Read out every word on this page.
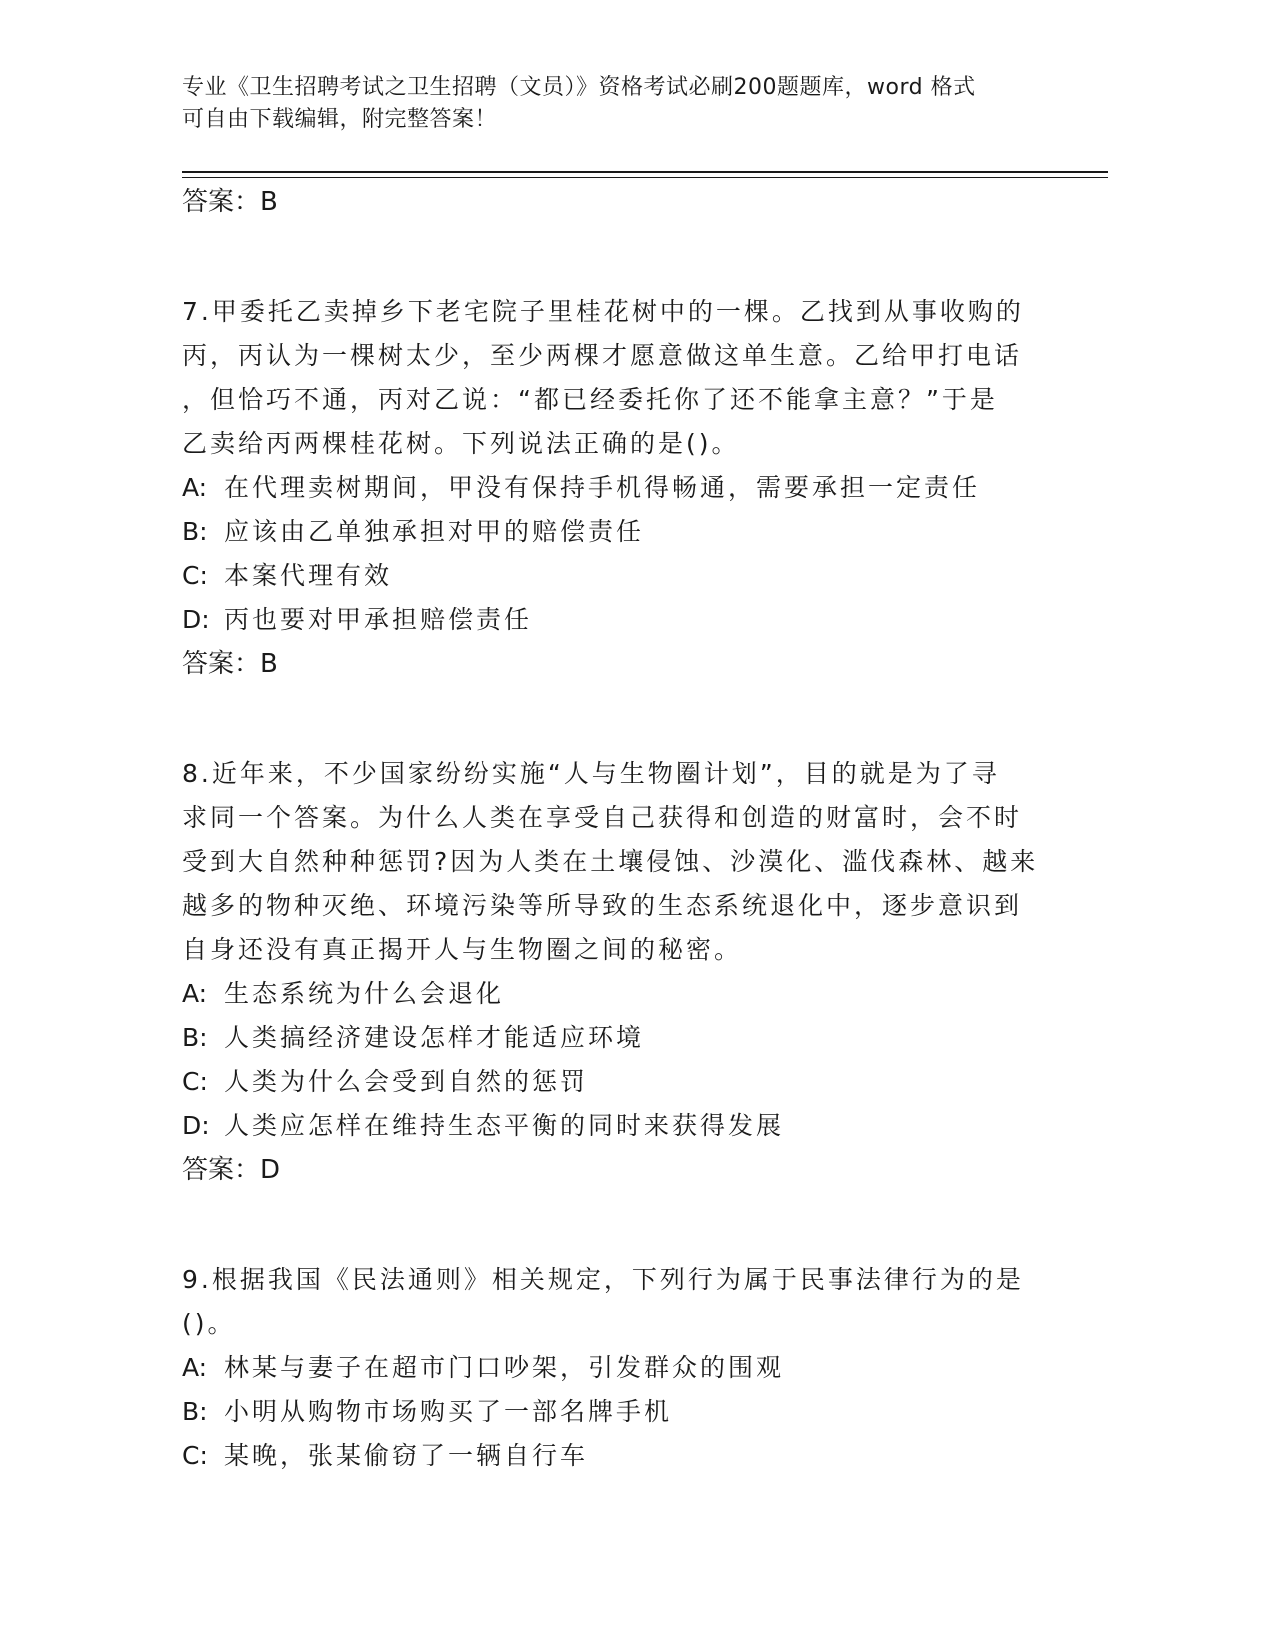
专业《卫生招聘考试之卫生招聘（文员）》资格考试必刷200题题库，word 格式
可自由下载编辑，附完整答案！
答案：B
7.甲委托乙卖掉乡下老宅院子里桂花树中的一棵。乙找到从事收购的
丙，丙认为一棵树太少，至少两棵才愿意做这单生意。乙给甲打电话
，但恰巧不通，丙对乙说：“都已经委托你了还不能拿主意？”于是
乙卖给丙两棵桂花树。下列说法正确的是()。
A: 在代理卖树期间，甲没有保持手机得畅通，需要承担一定责任
B: 应该由乙单独承担对甲的赔偿责任
C: 本案代理有效
D: 丙也要对甲承担赔偿责任
答案：B
8.近年来，不少国家纷纷实施“人与生物圈计划”，目的就是为了寻
求同一个答案。为什么人类在享受自己获得和创造的财富时，会不时
受到大自然种种惩罚?因为人类在土壤侵蚀、沙漠化、滥伐森林、越来
越多的物种灭绝、环境污染等所导致的生态系统退化中，逐步意识到
自身还没有真正揭开人与生物圈之间的秘密。
A: 生态系统为什么会退化
B: 人类搞经济建设怎样才能适应环境
C: 人类为什么会受到自然的惩罚
D: 人类应怎样在维持生态平衡的同时来获得发展
答案：D
9.根据我国《民法通则》相关规定，下列行为属于民事法律行为的是
()。
A: 林某与妻子在超市门口吵架，引发群众的围观
B: 小明从购物市场购买了一部名牌手机
C: 某晚，张某偷窃了一辆自行车
